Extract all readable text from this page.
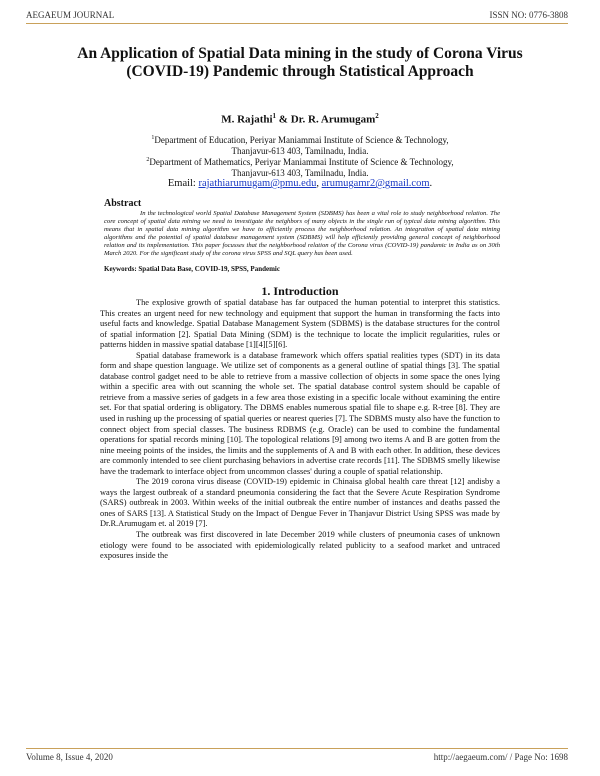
AEGAEUM JOURNAL	ISSN NO: 0776-3808
An Application of Spatial Data mining in the study of Corona Virus (COVID-19) Pandemic through Statistical Approach
M. Rajathi$^1$ & Dr. R. Arumugam$^2$
$^1$Department of Education, Periyar Maniammai Institute of Science & Technology,
Thanjavur-613 403, Tamilnadu, India.
$^2$Department of Mathematics, Periyar Maniammai Institute of Science & Technology,
Thanjavur-613 403, Tamilnadu, India.
Email: rajathiarumugam@pmu.edu, arumugamr2@gmail.com.
Abstract
In the technological world Spatial Database Management System (SDBMS) has been a vital role to study neighborhood relation. The core concept of spatial data mining we need to investigate the neighbors of many objects in the single run of typical data mining algorithm. This means that in spatial data mining algorithm we have to efficiently process the neighborhood relation. An integration of spatial data mining algorithms and the potential of spatial database management system (SDBMS) will help efficiently providing general concept of neighborhood relation and its implementation. This paper focusses that the neighborhood relation of the Corona virus (COVID-19) pandamic in India as on 30th March 2020. For the significant study of the corona virus SPSS and SQL query has been used.
Keywords: Spatial Data Base, COVID-19, SPSS, Pandemic
1. Introduction

The explosive growth of spatial database has far outpaced the human potential to interpret this statistics. This creates an urgent need for new technology and equipment that support the human in transforming the facts into useful facts and knowledge. Spatial Database Management System (SDBMS) is the database structures for the control of spatial information [2]. Spatial Data Mining (SDM) is the technique to locate the implicit regularities, rules or patterns hidden in massive spatial database [1][4][5][6].

Spatial database framework is a database framework which offers spatial realities types (SDT) in its data form and shape question language. We utilize set of components as a general outline of spatial things [3]. The spatial database control gadget need to be able to retrieve from a massive collection of objects in some space the ones lying within a specific area with out scanning the whole set. The spatial database control system should be capable of retrieve from a massive series of gadgets in a few area those existing in a specific locale without examining the entire set. For that spatial ordering is obligatory. The DBMS enables numerous spatial file to shape e.g. R-tree [8]. They are used in rushing up the processing of spatial queries or nearest queries [7]. The SDBMS musty also have the function to connect object from special classes. The business RDBMS (e.g. Oracle) can be used to combine the fundamental operations for spatial records mining [10]. The topological relations [9] among two items A and B are gotten from the nine meeing points of the insides, the limits and the supplements of A and B with each other. In addition, these devices are commonly intended to see client purchasing behaviors in advertise crate records [11]. The SDBMS smelly likewise have the trademark to interface object from uncommon classes' during a couple of spatial relationship.

The 2019 corona virus disease (COVID-19) epidemic in Chinaisa global health care threat [12] andisby a ways the largest outbreak of a standard pneumonia considering the fact that the Severe Acute Respiration Syndrome (SARS) outbreak in 2003. Within weeks of the initial outbreak the entire number of instances and deaths passed the ones of SARS [13]. A Statistical Study on the Impact of Dengue Fever in Thanjavur District Using SPSS was made by Dr.R.Arumugam et. al 2019 [7].

The outbreak was first discovered in late December 2019 while clusters of pneumonia cases of unknown etiology were found to be associated with epidemiologically related publicity to a seafood market and untraced exposures inside the

Volume 8, Issue 4, 2020	http://aegaeum.com/ / Page No: 1698
